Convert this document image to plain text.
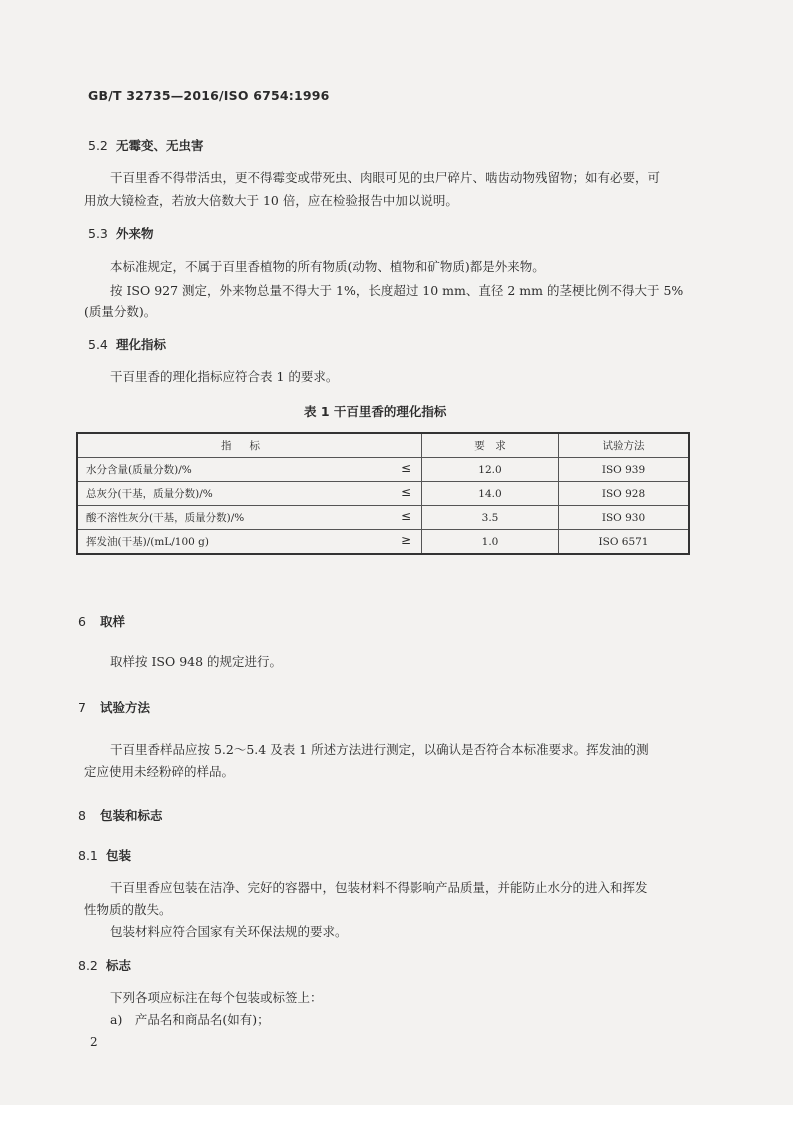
GB/T 32735—2016/ISO 6754:1996
5.2 无霉变、无虫害
干百里香不得带活虫，更不得霉变或带死虫、肉眼可见的虫尸碎片、啮齿动物残留物；如有必要，可
用放大镜检查，若放大倍数大于 10 倍，应在检验报告中加以说明。
5.3 外来物
本标准规定，不属于百里香植物的所有物质(动物、植物和矿物质)都是外来物。
按 ISO 927 测定，外来物总量不得大于 1%，长度超过 10 mm、直径 2 mm 的茎梗比例不得大于 5%
(质量分数)。
5.4 理化指标
干百里香的理化指标应符合表 1 的要求。
表 1 干百里香的理化指标
指标	要　求	试验方法
水分含量(质量分数)/% ≤	12.0	ISO 939
总灰分(干基，质量分数)/% ≤	14.0	ISO 928
酸不溶性灰分(干基，质量分数)/% ≤	3.5	ISO 930
挥发油(干基)/(mL/100 g) ≥	1.0	ISO 6571
6 取样
取样按 ISO 948 的规定进行。
7 试验方法
干百里香样品应按 5.2～5.4 及表 1 所述方法进行测定，以确认是否符合本标准要求。挥发油的测
定应使用未经粉碎的样品。
8 包装和标志
8.1 包装
干百里香应包装在洁净、完好的容器中，包装材料不得影响产品质量，并能防止水分的进入和挥发
性物质的散失。
包装材料应符合国家有关环保法规的要求。
8.2 标志
下列各项应标注在每个包装或标签上：
a)　产品名和商品名(如有)；
2
